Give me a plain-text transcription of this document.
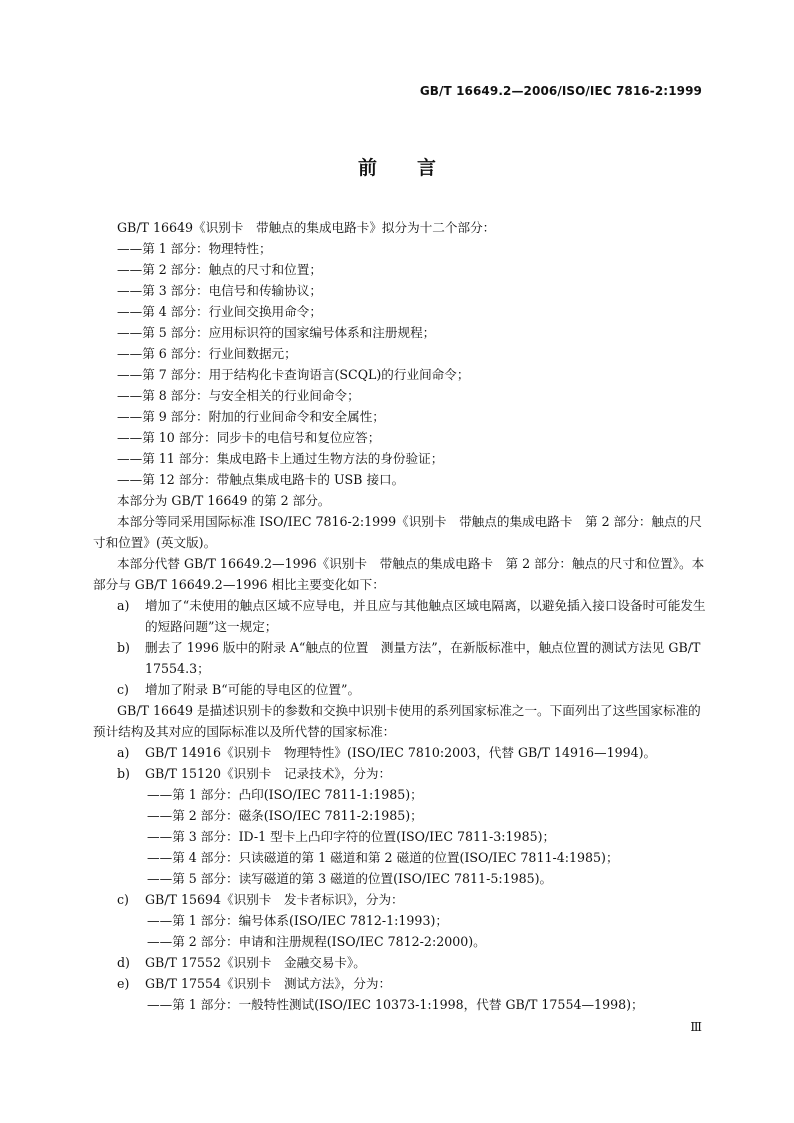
GB/T 16649.2—2006/ISO/IEC 7816-2:1999
前言
GB/T 16649《识别卡　带触点的集成电路卡》拟分为十二个部分：
——第 1 部分：物理特性；
——第 2 部分：触点的尺寸和位置；
——第 3 部分：电信号和传输协议；
——第 4 部分：行业间交换用命令；
——第 5 部分：应用标识符的国家编号体系和注册规程；
——第 6 部分：行业间数据元；
——第 7 部分：用于结构化卡查询语言(SCQL)的行业间命令；
——第 8 部分：与安全相关的行业间命令；
——第 9 部分：附加的行业间命令和安全属性；
——第 10 部分：同步卡的电信号和复位应答；
——第 11 部分：集成电路卡上通过生物方法的身份验证；
——第 12 部分：带触点集成电路卡的 USB 接口。
本部分为 GB/T 16649 的第 2 部分。
本部分等同采用国际标准 ISO/IEC 7816-2:1999《识别卡　带触点的集成电路卡　第 2 部分：触点的尺寸和位置》(英文版)。
本部分代替 GB/T 16649.2—1996《识别卡　带触点的集成电路卡　第 2 部分：触点的尺寸和位置》。本部分与 GB/T 16649.2—1996 相比主要变化如下：
a)	增加了“未使用的触点区域不应导电，并且应与其他触点区域电隔离，以避免插入接口设备时可能发生的短路问题”这一规定；
b)	删去了 1996 版中的附录 A“触点的位置　测量方法”，在新版标准中，触点位置的测试方法见 GB/T 17554.3；
c)	增加了附录 B“可能的导电区的位置”。
GB/T 16649 是描述识别卡的参数和交换中识别卡使用的系列国家标准之一。下面列出了这些国家标准的预计结构及其对应的国际标准以及所代替的国家标准：
a)	GB/T 14916《识别卡　物理特性》(ISO/IEC 7810:2003，代替 GB/T 14916—1994)。
b)	GB/T 15120《识别卡　记录技术》，分为：
——第 1 部分：凸印(ISO/IEC 7811-1:1985)；
——第 2 部分：磁条(ISO/IEC 7811-2:1985)；
——第 3 部分：ID-1 型卡上凸印字符的位置(ISO/IEC 7811-3:1985)；
——第 4 部分：只读磁道的第 1 磁道和第 2 磁道的位置(ISO/IEC 7811-4:1985)；
——第 5 部分：读写磁道的第 3 磁道的位置(ISO/IEC 7811-5:1985)。
c)	GB/T 15694《识别卡　发卡者标识》，分为：
——第 1 部分：编号体系(ISO/IEC 7812-1:1993)；
——第 2 部分：申请和注册规程(ISO/IEC 7812-2:2000)。
d)	GB/T 17552《识别卡　金融交易卡》。
e)	GB/T 17554《识别卡　测试方法》，分为：
——第 1 部分：一般特性测试(ISO/IEC 10373-1:1998，代替 GB/T 17554—1998)；
Ⅲ
